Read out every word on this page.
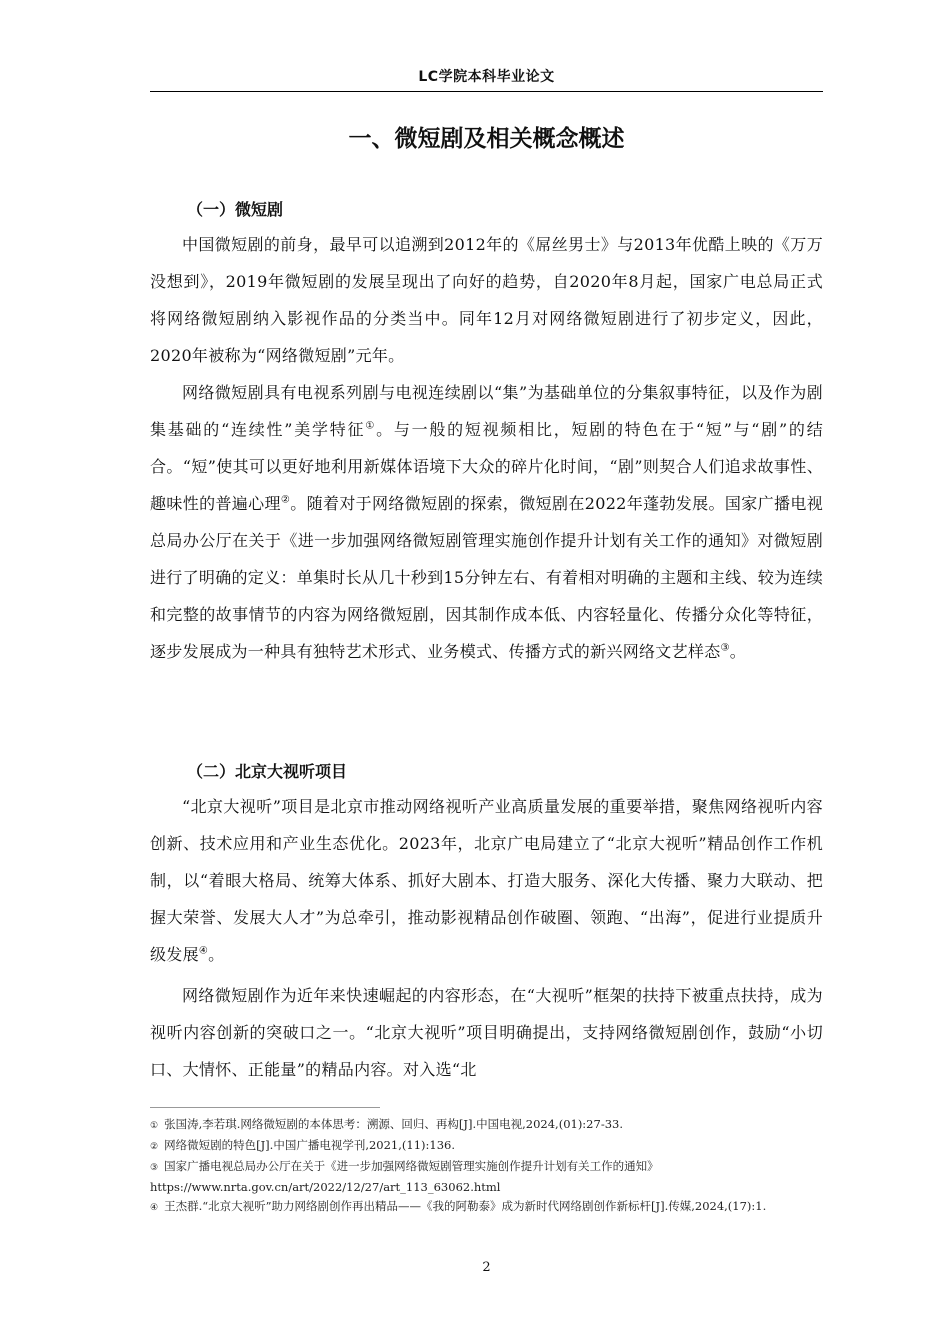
LC学院本科毕业论文
一、微短剧及相关概念概述
（一）微短剧

中国微短剧的前身，最早可以追溯到2012年的《屌丝男士》与2013年优酷上映的《万万没想到》，2019年微短剧的发展呈现出了向好的趋势，自2020年8月起，国家广电总局正式将网络微短剧纳入影视作品的分类当中。同年12月对网络微短剧进行了初步定义，因此，2020年被称为“网络微短剧”元年。

网络微短剧具有电视系列剧与电视连续剧以“集”为基础单位的分集叙事特征，以及作为剧集基础的“连续性”美学特征①。与一般的短视频相比，短剧的特色在于“短”与“剧”的结合。“短”使其可以更好地利用新媒体语境下大众的碎片化时间，“剧”则契合人们追求故事性、趣味性的普遍心理②。随着对于网络微短剧的探索，微短剧在2022年蓬勃发展。国家广播电视总局办公厅在关于《进一步加强网络微短剧管理实施创作提升计划有关工作的通知》对微短剧进行了明确的定义：单集时长从几十秒到15分钟左右、有着相对明确的主题和主线、较为连续和完整的故事情节的内容为网络微短剧，因其制作成本低、内容轻量化、传播分众化等特征，逐步发展成为一种具有独特艺术形式、业务模式、传播方式的新兴网络文艺样态③。

（二）北京大视听项目

“北京大视听”项目是北京市推动网络视听产业高质量发展的重要举措，聚焦网络视听内容创新、技术应用和产业生态优化。2023年，北京广电局建立了“北京大视听”精品创作工作机制，以“着眼大格局、统筹大体系、抓好大剧本、打造大服务、深化大传播、聚力大联动、把握大荣誉、发展大人才”为总牵引，推动影视精品创作破圈、领跑、“出海”，促进行业提质升级发展④。

网络微短剧作为近年来快速崛起的内容形态，在“大视听”框架的扶持下被重点扶持，成为视听内容创新的突破口之一。“北京大视听”项目明确提出，支持网络微短剧创作，鼓励“小切口、大情怀、正能量”的精品内容。对入选“北

① 张国涛,李若琪.网络微短剧的本体思考：溯源、回归、再构[J].中国电视,2024,(01):27-33.

② 网络微短剧的特色[J].中国广播电视学刊,2021,(11):136.

③ 国家广播电视总局办公厅在关于《进一步加强网络微短剧管理实施创作提升计划有关工作的通知》
https://www.nrta.gov.cn/art/2022/12/27/art_113_63062.html

④ 王杰群.“北京大视听”助力网络剧创作再出精品——《我的阿勒泰》成为新时代网络剧创作新标杆[J].传媒,2024,(17):1.

2
